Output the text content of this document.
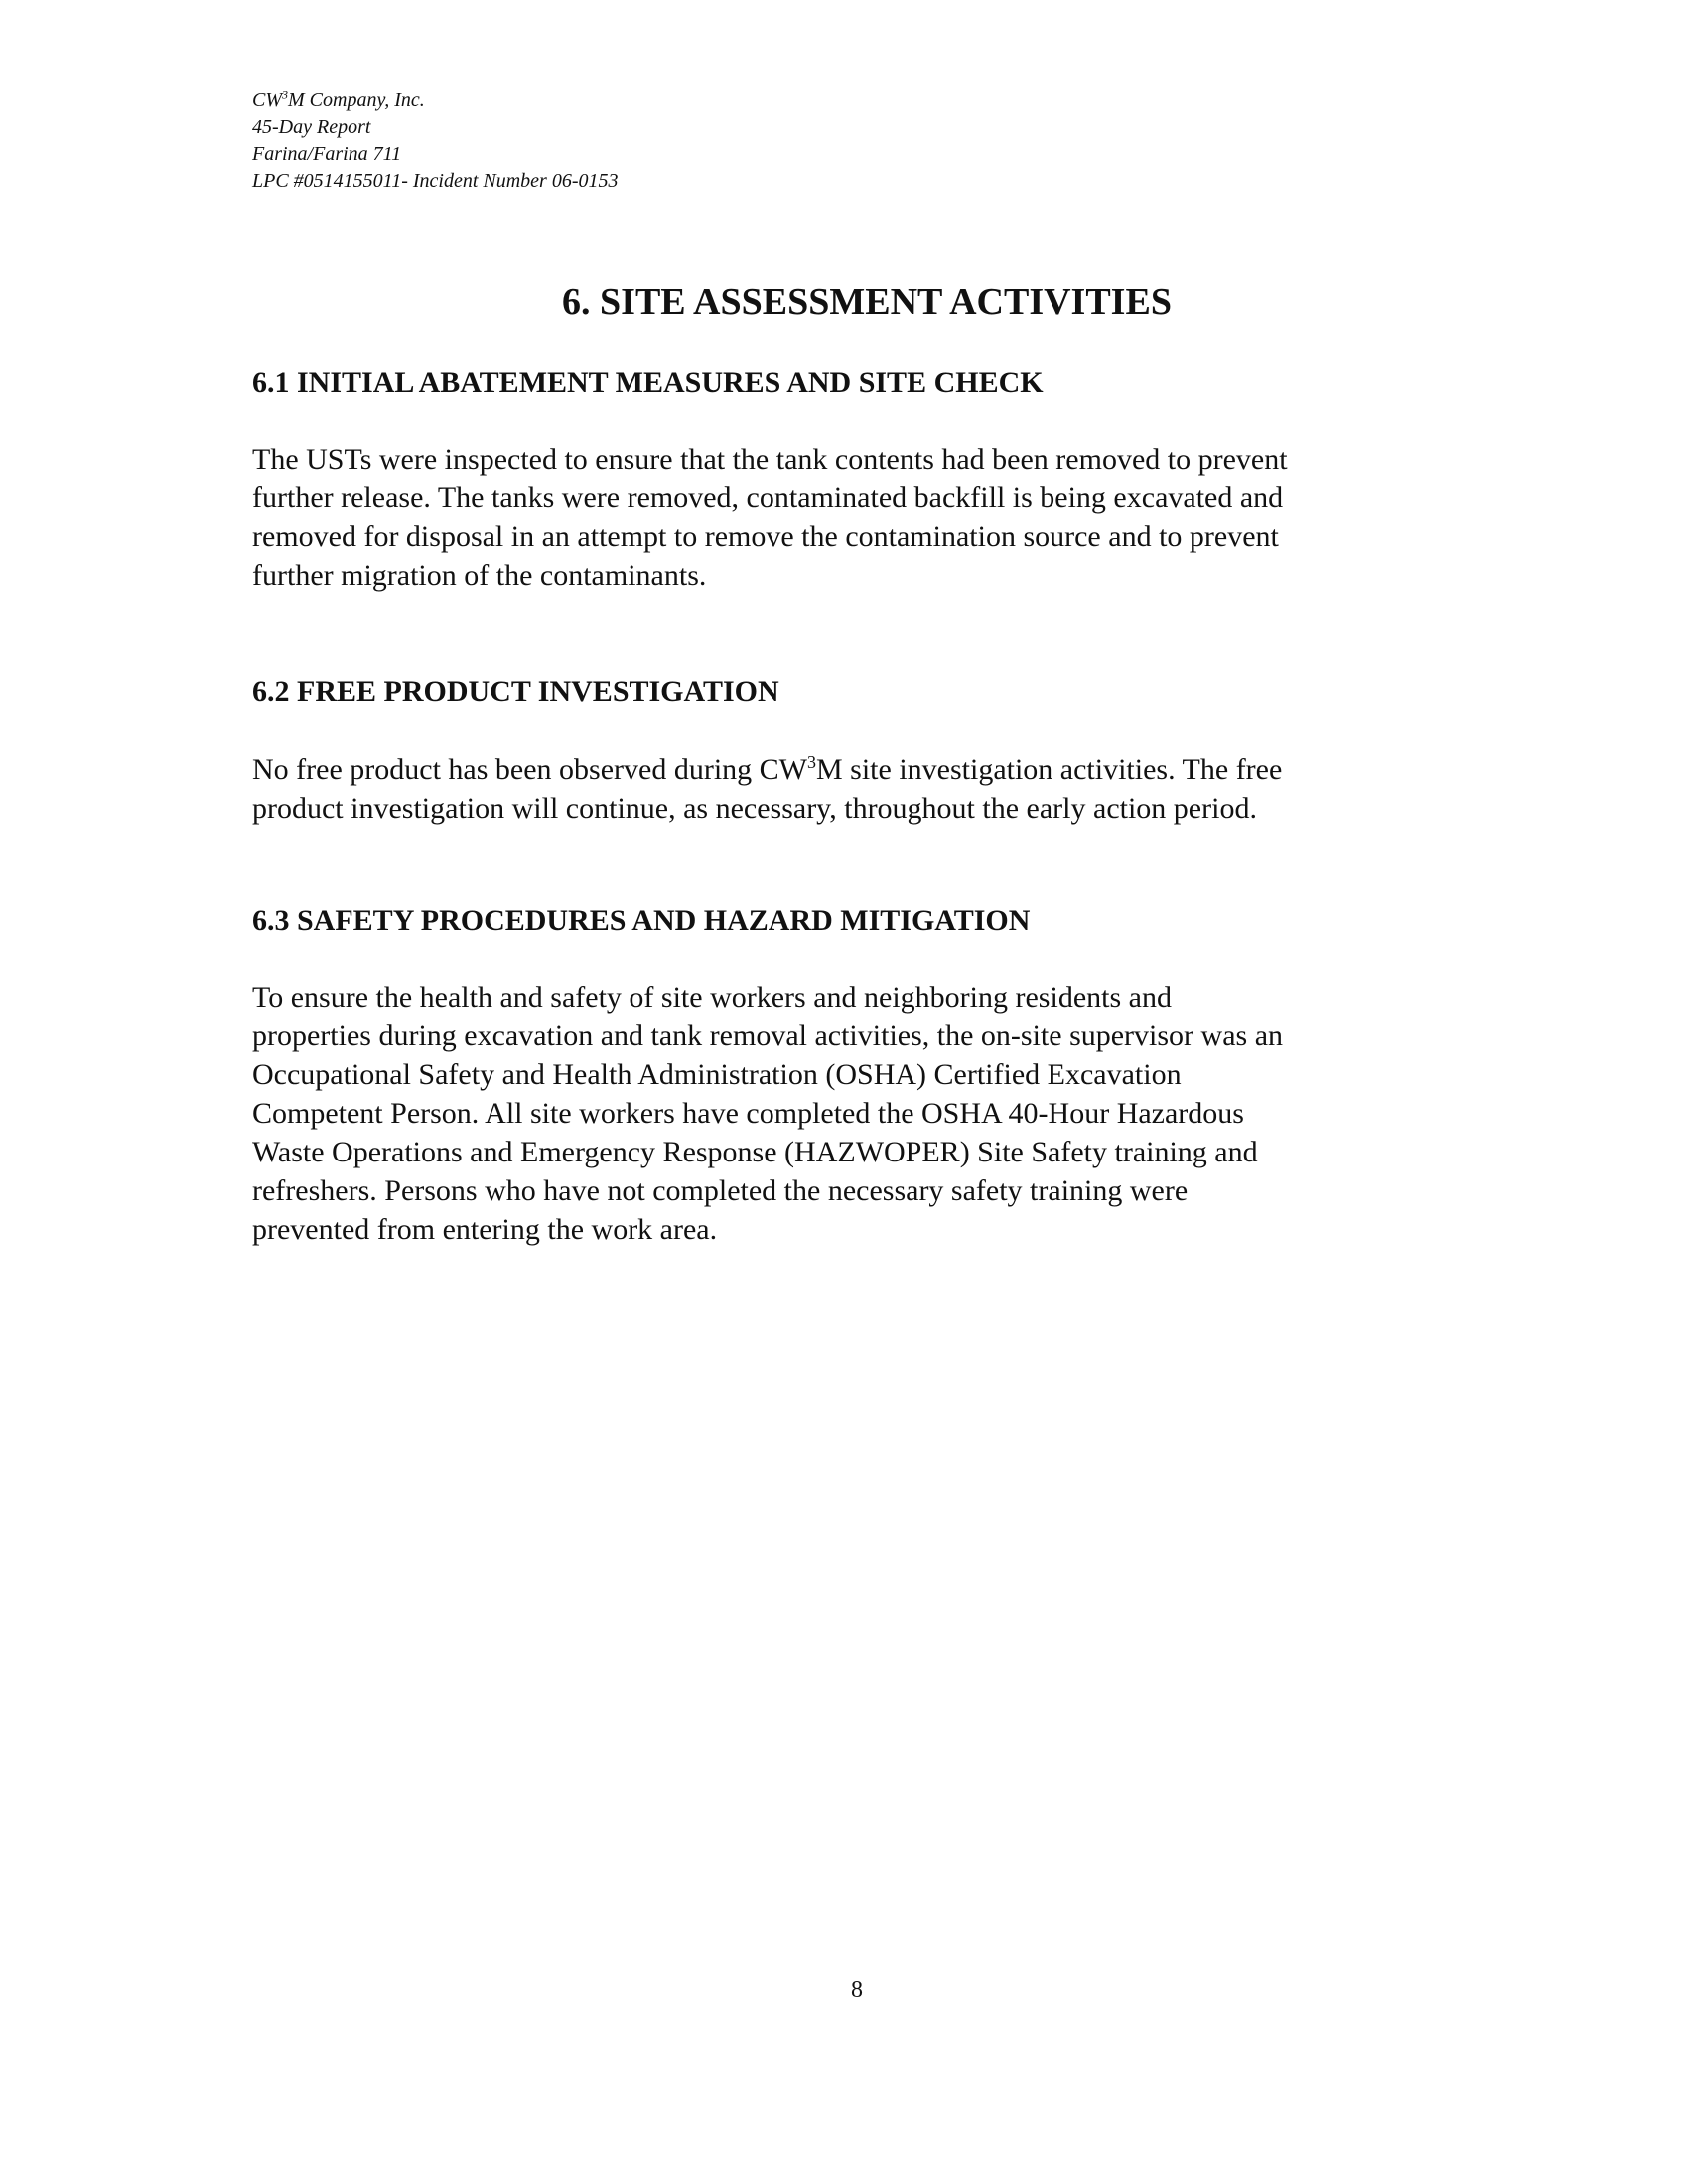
$CW^3M$ Company, Inc.
45-Day Report
Farina/Farina 711
LPC #0514155011- Incident Number 06-0153
6. SITE ASSESSMENT ACTIVITIES
6.1 INITIAL ABATEMENT MEASURES AND SITE CHECK
The USTs were inspected to ensure that the tank contents had been removed to prevent
further release. The tanks were removed, contaminated backfill is being excavated and
removed for disposal in an attempt to remove the contamination source and to prevent
further migration of the contaminants.
6.2 FREE PRODUCT INVESTIGATION
No free product has been observed during $CW^3M$ site investigation activities. The free
product investigation will continue, as necessary, throughout the early action period.
6.3 SAFETY PROCEDURES AND HAZARD MITIGATION
To ensure the health and safety of site workers and neighboring residents and
properties during excavation and tank removal activities, the on-site supervisor was an
Occupational Safety and Health Administration (OSHA) Certified Excavation
Competent Person. All site workers have completed the OSHA 40-Hour Hazardous
Waste Operations and Emergency Response (HAZWOPER) Site Safety training and
refreshers. Persons who have not completed the necessary safety training were
prevented from entering the work area.
8
